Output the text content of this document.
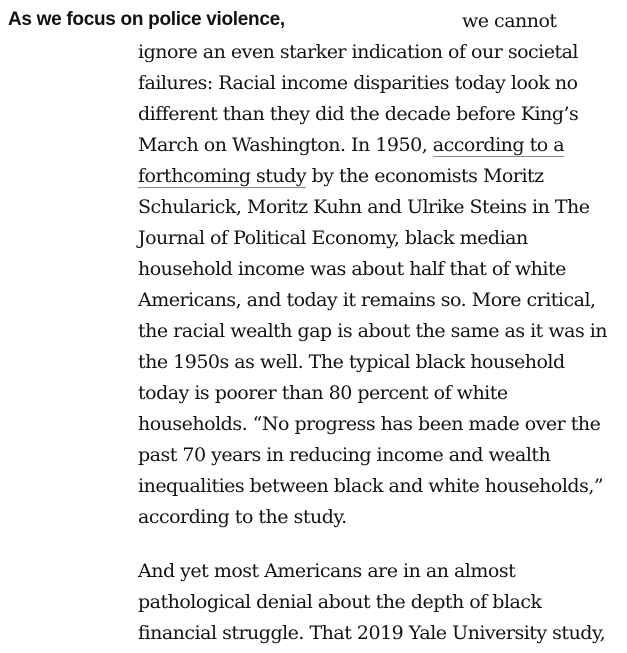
As we focus on police violence,	we cannot
ignore an even starker indication of our societal
failures: Racial income disparities today look no
different than they did the decade before King’s
March on Washington. In 1950, according to a
forthcoming study by the economists Moritz
Schularick, Moritz Kuhn and Ulrike Steins in The
Journal of Political Economy, black median
household income was about half that of white
Americans, and today it remains so. More critical,
the racial wealth gap is about the same as it was in
the 1950s as well. The typical black household
today is poorer than 80 percent of white
households. “No progress has been made over the
past 70 years in reducing income and wealth
inequalities between black and white households,”
according to the study.

And yet most Americans are in an almost
pathological denial about the depth of black
financial struggle. That 2019 Yale University study,
